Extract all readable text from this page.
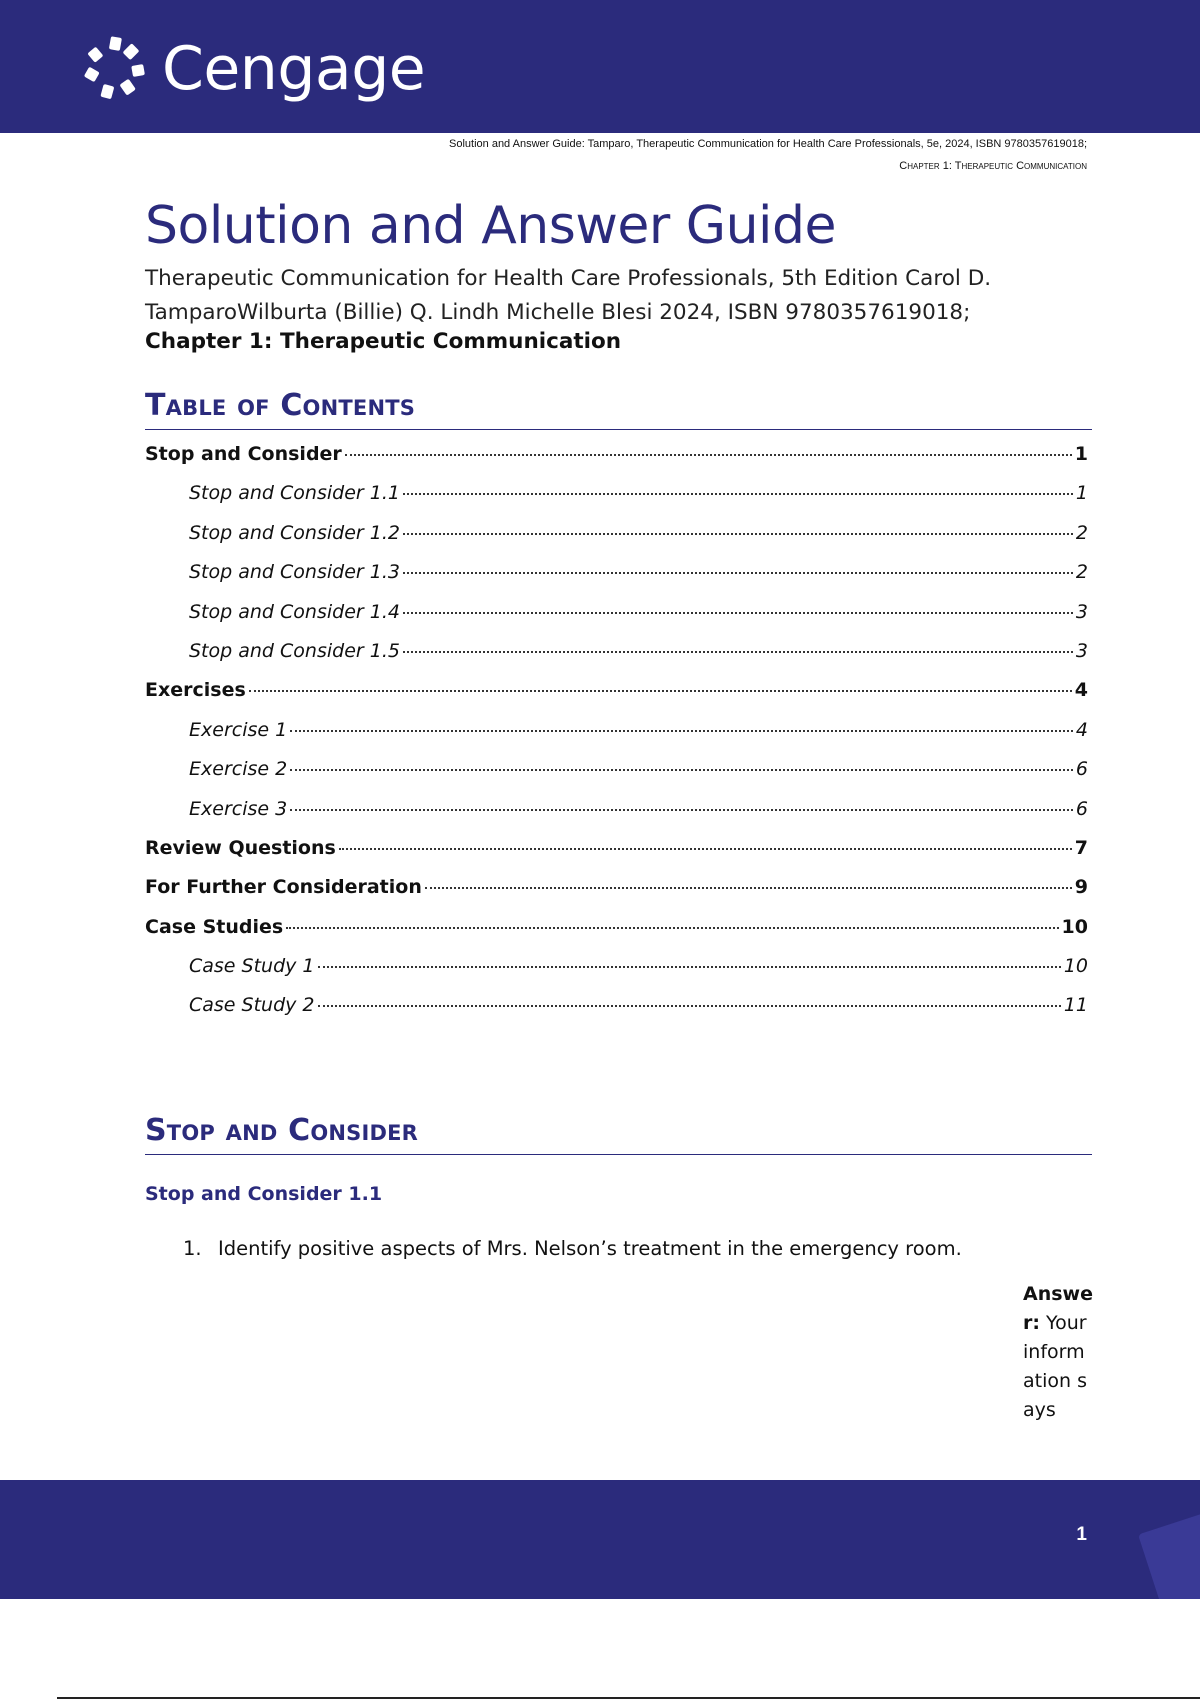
Cengage
Solution and Answer Guide: Tamparo, Therapeutic Communication for Health Care Professionals, 5e, 2024, ISBN 9780357619018;
Chapter 1: Therapeutic Communication
Solution and Answer Guide
Therapeutic Communication for Health Care Professionals, 5th Edition Carol D. TamparoWilburta (Billie) Q. Lindh Michelle Blesi 2024, ISBN 9780357619018;
Chapter 1: Therapeutic Communication
Table of Contents
Stop and Consider	1
Stop and Consider 1.1	1
Stop and Consider 1.2	2
Stop and Consider 1.3	2
Stop and Consider 1.4	3
Stop and Consider 1.5	3
Exercises	4
Exercise 1	4
Exercise 2	6
Exercise 3	6
Review Questions	7
For Further Consideration	9
Case Studies	10
Case Study 1	10
Case Study 2	11
Stop and Consider
Stop and Consider 1.1
1. Identify positive aspects of Mrs. Nelson’s treatment in the emergency room.
Answer: Your information says
1
